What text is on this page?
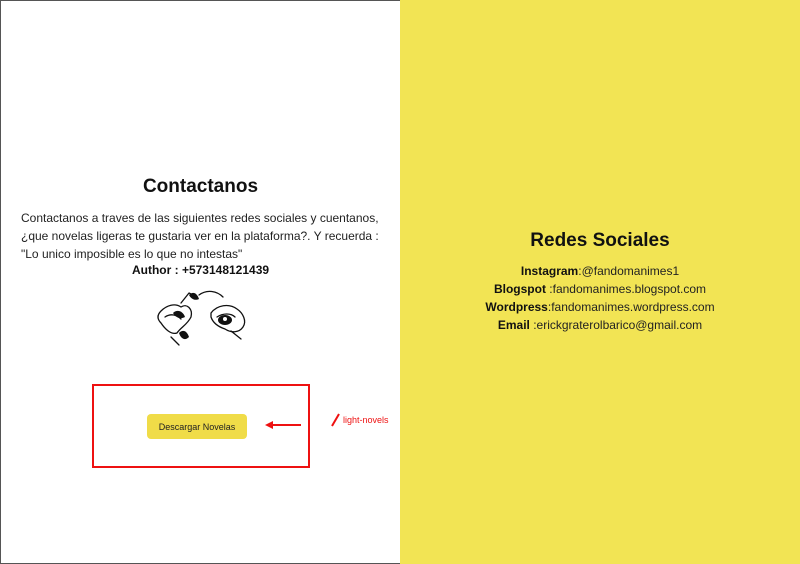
Contactanos

Contactanos a traves de las siguientes redes sociales y cuentanos, ¿que novelas ligeras te gustaria ver en la plataforma?. Y recuerda : "Lo unico imposible es lo que no intestas"

Author : +573148121439

Descargar Novelas

light-novels

Redes Sociales
Instagram:@fandomanimes1
Blogspot :fandomanimes.blogspot.com
Wordpress:fandomanimes.wordpress.com
Email :erickgraterolbarico@gmail.com
